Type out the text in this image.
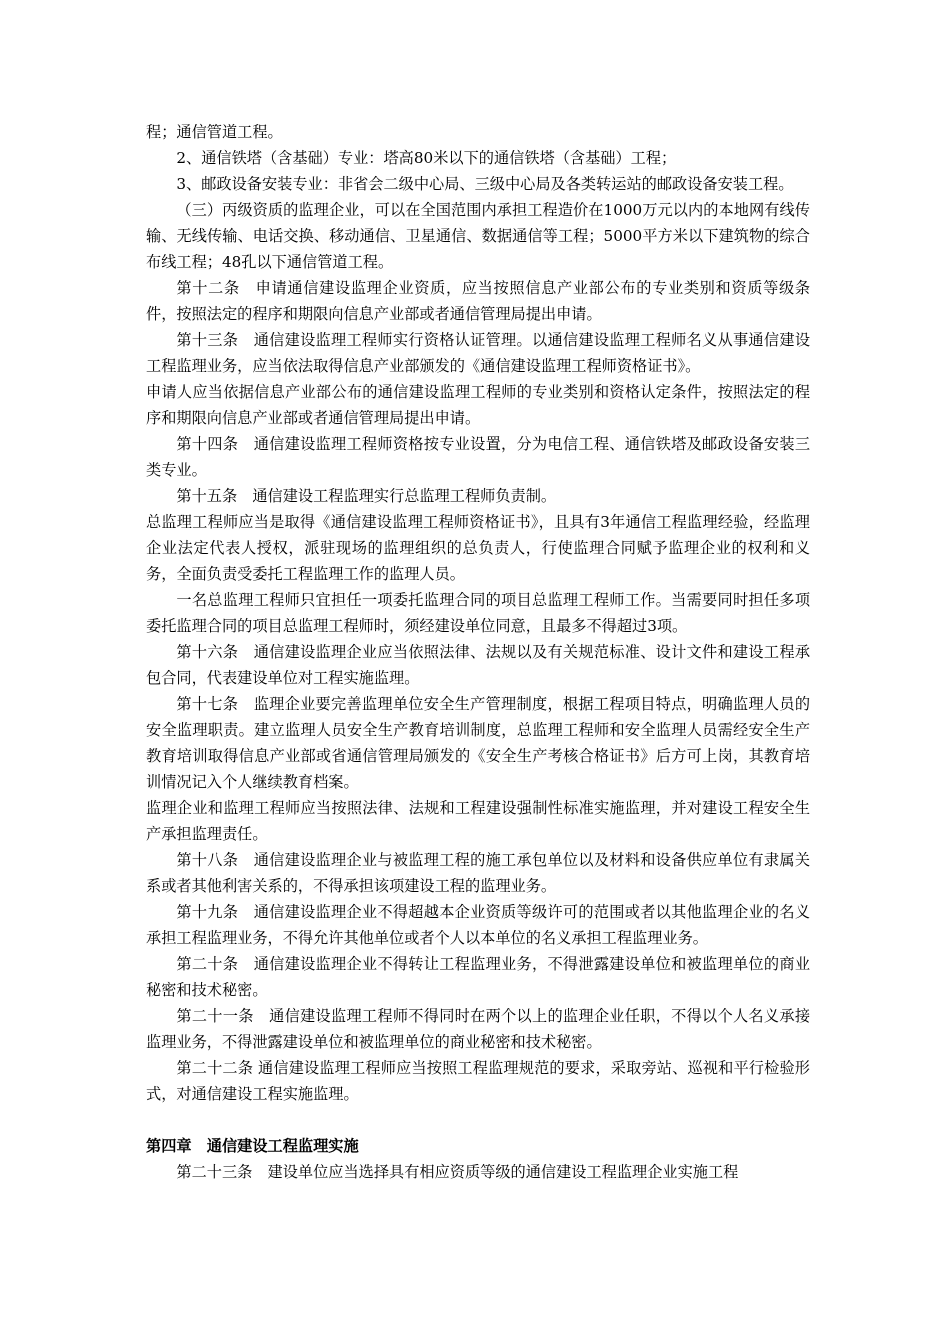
程；通信管道工程。

2、通信铁塔（含基础）专业：塔高80米以下的通信铁塔（含基础）工程；

3、邮政设备安装专业：非省会二级中心局、三级中心局及各类转运站的邮政设备安装工程。

（三）丙级资质的监理企业，可以在全国范围内承担工程造价在1000万元以内的本地网有线传输、无线传输、电话交换、移动通信、卫星通信、数据通信等工程；5000平方米以下建筑物的综合布线工程；48孔以下通信管道工程。

第十二条　申请通信建设监理企业资质，应当按照信息产业部公布的专业类别和资质等级条件，按照法定的程序和期限向信息产业部或者通信管理局提出申请。

第十三条　通信建设监理工程师实行资格认证管理。以通信建设监理工程师名义从事通信建设工程监理业务，应当依法取得信息产业部颁发的《通信建设监理工程师资格证书》。

申请人应当依据信息产业部公布的通信建设监理工程师的专业类别和资格认定条件，按照法定的程序和期限向信息产业部或者通信管理局提出申请。

第十四条　通信建设监理工程师资格按专业设置，分为电信工程、通信铁塔及邮政设备安装三类专业。

第十五条　通信建设工程监理实行总监理工程师负责制。

总监理工程师应当是取得《通信建设监理工程师资格证书》，且具有3年通信工程监理经验，经监理企业法定代表人授权，派驻现场的监理组织的总负责人，行使监理合同赋予监理企业的权利和义务，全面负责受委托工程监理工作的监理人员。

一名总监理工程师只宜担任一项委托监理合同的项目总监理工程师工作。当需要同时担任多项委托监理合同的项目总监理工程师时，须经建设单位同意，且最多不得超过3项。

第十六条　通信建设监理企业应当依照法律、法规以及有关规范标准、设计文件和建设工程承包合同，代表建设单位对工程实施监理。

第十七条　监理企业要完善监理单位安全生产管理制度，根据工程项目特点，明确监理人员的安全监理职责。建立监理人员安全生产教育培训制度，总监理工程师和安全监理人员需经安全生产教育培训取得信息产业部或省通信管理局颁发的《安全生产考核合格证书》后方可上岗，其教育培训情况记入个人继续教育档案。

监理企业和监理工程师应当按照法律、法规和工程建设强制性标准实施监理，并对建设工程安全生产承担监理责任。

第十八条　通信建设监理企业与被监理工程的施工承包单位以及材料和设备供应单位有隶属关系或者其他利害关系的，不得承担该项建设工程的监理业务。

第十九条　通信建设监理企业不得超越本企业资质等级许可的范围或者以其他监理企业的名义承担工程监理业务，不得允许其他单位或者个人以本单位的名义承担工程监理业务。

第二十条　通信建设监理企业不得转让工程监理业务，不得泄露建设单位和被监理单位的商业秘密和技术秘密。

第二十一条　通信建设监理工程师不得同时在两个以上的监理企业任职，不得以个人名义承接监理业务，不得泄露建设单位和被监理单位的商业秘密和技术秘密。

第二十二条 通信建设监理工程师应当按照工程监理规范的要求，采取旁站、巡视和平行检验形式，对通信建设工程实施监理。

第四章　通信建设工程监理实施

第二十三条　建设单位应当选择具有相应资质等级的通信建设工程监理企业实施工程
